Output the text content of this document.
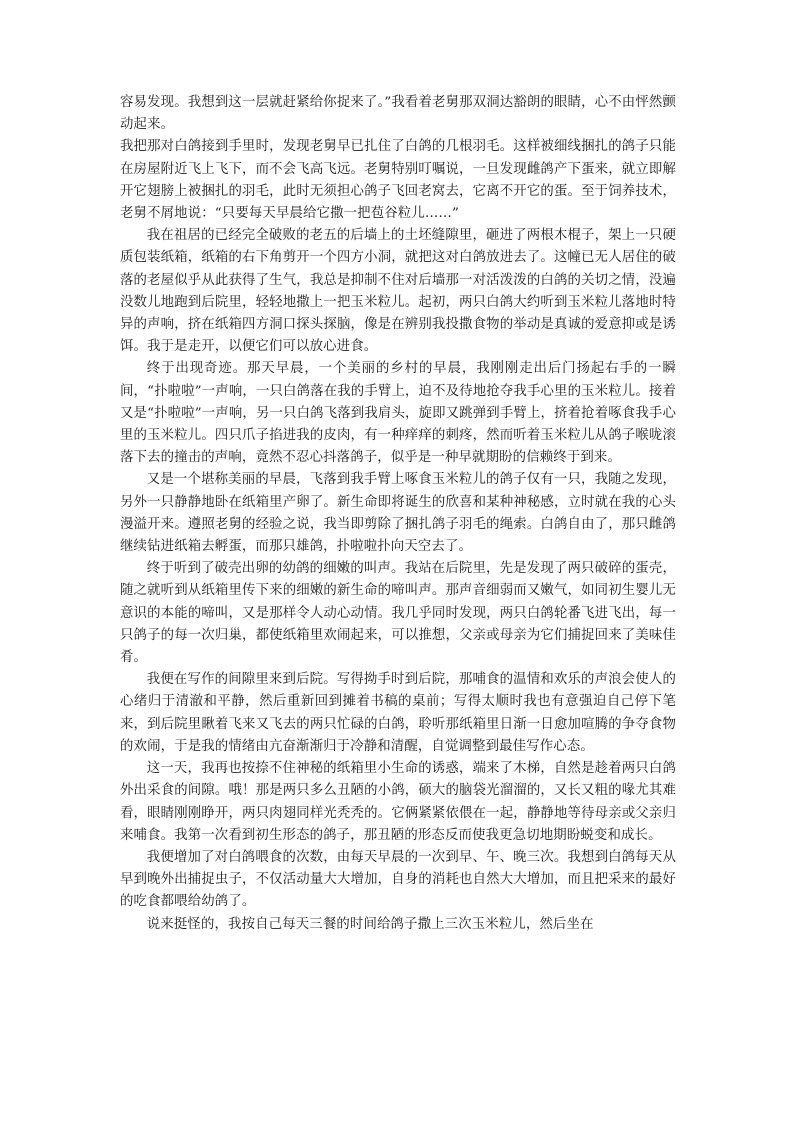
容易发现。我想到这一层就赶紧给你捉来了。”我看着老舅那双洞达豁朗的眼睛，心不由怦然颤动起来。

我把那对白鸽接到手里时，发现老舅早已扎住了白鸽的几根羽毛。这样被细线捆扎的鸽子只能在房屋附近飞上飞下，而不会飞高飞远。老舅特别叮嘱说，一旦发现雌鸽产下蛋来，就立即解开它翅膀上被捆扎的羽毛，此时无须担心鸽子飞回老窝去，它离不开它的蛋。至于饲养技术，老舅不屑地说：“只要每天早晨给它撒一把苞谷粒儿……”

我在祖居的已经完全破败的老五的后墙上的土坯缝隙里，砸进了两根木棍子，架上一只硬质包装纸箱，纸箱的右下角剪开一个四方小洞，就把这对白鸽放进去了。这幢已无人居住的破落的老屋似乎从此获得了生气，我总是抑制不住对后墙那一对活泼泼的白鸽的关切之情，没遍没数儿地跑到后院里，轻轻地撒上一把玉米粒儿。起初，两只白鸽大约听到玉米粒儿落地时特异的声响，挤在纸箱四方洞口探头探脑，像是在辨别我投撒食物的举动是真诚的爱意抑或是诱饵。我于是走开，以便它们可以放心进食。

终于出现奇迹。那天早晨，一个美丽的乡村的早晨，我刚刚走出后门扬起右手的一瞬间，“扑啦啦”一声响，一只白鸽落在我的手臂上，迫不及待地抢夺我手心里的玉米粒儿。接着又是“扑啦啦”一声响，另一只白鸽飞落到我肩头，旋即又跳弹到手臂上，挤着抢着啄食我手心里的玉米粒儿。四只爪子掐进我的皮肉，有一种痒痒的刺疼，然而听着玉米粒儿从鸽子喉咙滚落下去的撞击的声响，竟然不忍心抖落鸽子，似乎是一种早就期盼的信赖终于到来。

又是一个堪称美丽的早晨，飞落到我手臂上啄食玉米粒儿的鸽子仅有一只，我随之发现，另外一只静静地卧在纸箱里产卵了。新生命即将诞生的欣喜和某种神秘感，立时就在我的心头漫溢开来。遵照老舅的经验之说，我当即剪除了捆扎鸽子羽毛的绳索。白鸽自由了，那只雌鸽继续钻进纸箱去孵蛋，而那只雄鸽，扑啦啦扑向天空去了。

终于听到了破壳出卵的幼鸽的细嫩的叫声。我站在后院里，先是发现了两只破碎的蛋壳，随之就听到从纸箱里传下来的细嫩的新生命的啼叫声。那声音细弱而又嫩气，如同初生婴儿无意识的本能的啼叫，又是那样令人动心动情。我几乎同时发现，两只白鸽轮番飞进飞出，每一只鸽子的每一次归巢，都使纸箱里欢闹起来，可以推想，父亲或母亲为它们捕捉回来了美味佳肴。

我便在写作的间隙里来到后院。写得拗手时到后院，那哺食的温情和欢乐的声浪会使人的心绪归于清澈和平静，然后重新回到摊着书稿的桌前；写得太顺时我也有意强迫自己停下笔来，到后院里瞅着飞来又飞去的两只忙碌的白鸽，聆听那纸箱里日渐一日愈加喧腾的争夺食物的欢闹，于是我的情绪由亢奋渐渐归于冷静和清醒，自觉调整到最佳写作心态。

这一天，我再也按捺不住神秘的纸箱里小生命的诱惑，端来了木梯，自然是趁着两只白鸽外出采食的间隙。哦！那是两只多么丑陋的小鸽，硕大的脑袋光溜溜的，又长又粗的喙尤其难看，眼睛刚刚睁开，两只肉翅同样光秃秃的。它俩紧紧依偎在一起，静静地等待母亲或父亲归来哺食。我第一次看到初生形态的鸽子，那丑陋的形态反而使我更急切地期盼蜕变和成长。

我便增加了对白鸽喂食的次数，由每天早晨的一次到早、午、晚三次。我想到白鸽每天从早到晚外出捕捉虫子，不仅活动量大大增加，自身的消耗也自然大大增加，而且把采来的最好的吃食都喂给幼鸽了。

说来挺怪的，我按自己每天三餐的时间给鸽子撒上三次玉米粒儿，然后坐在
